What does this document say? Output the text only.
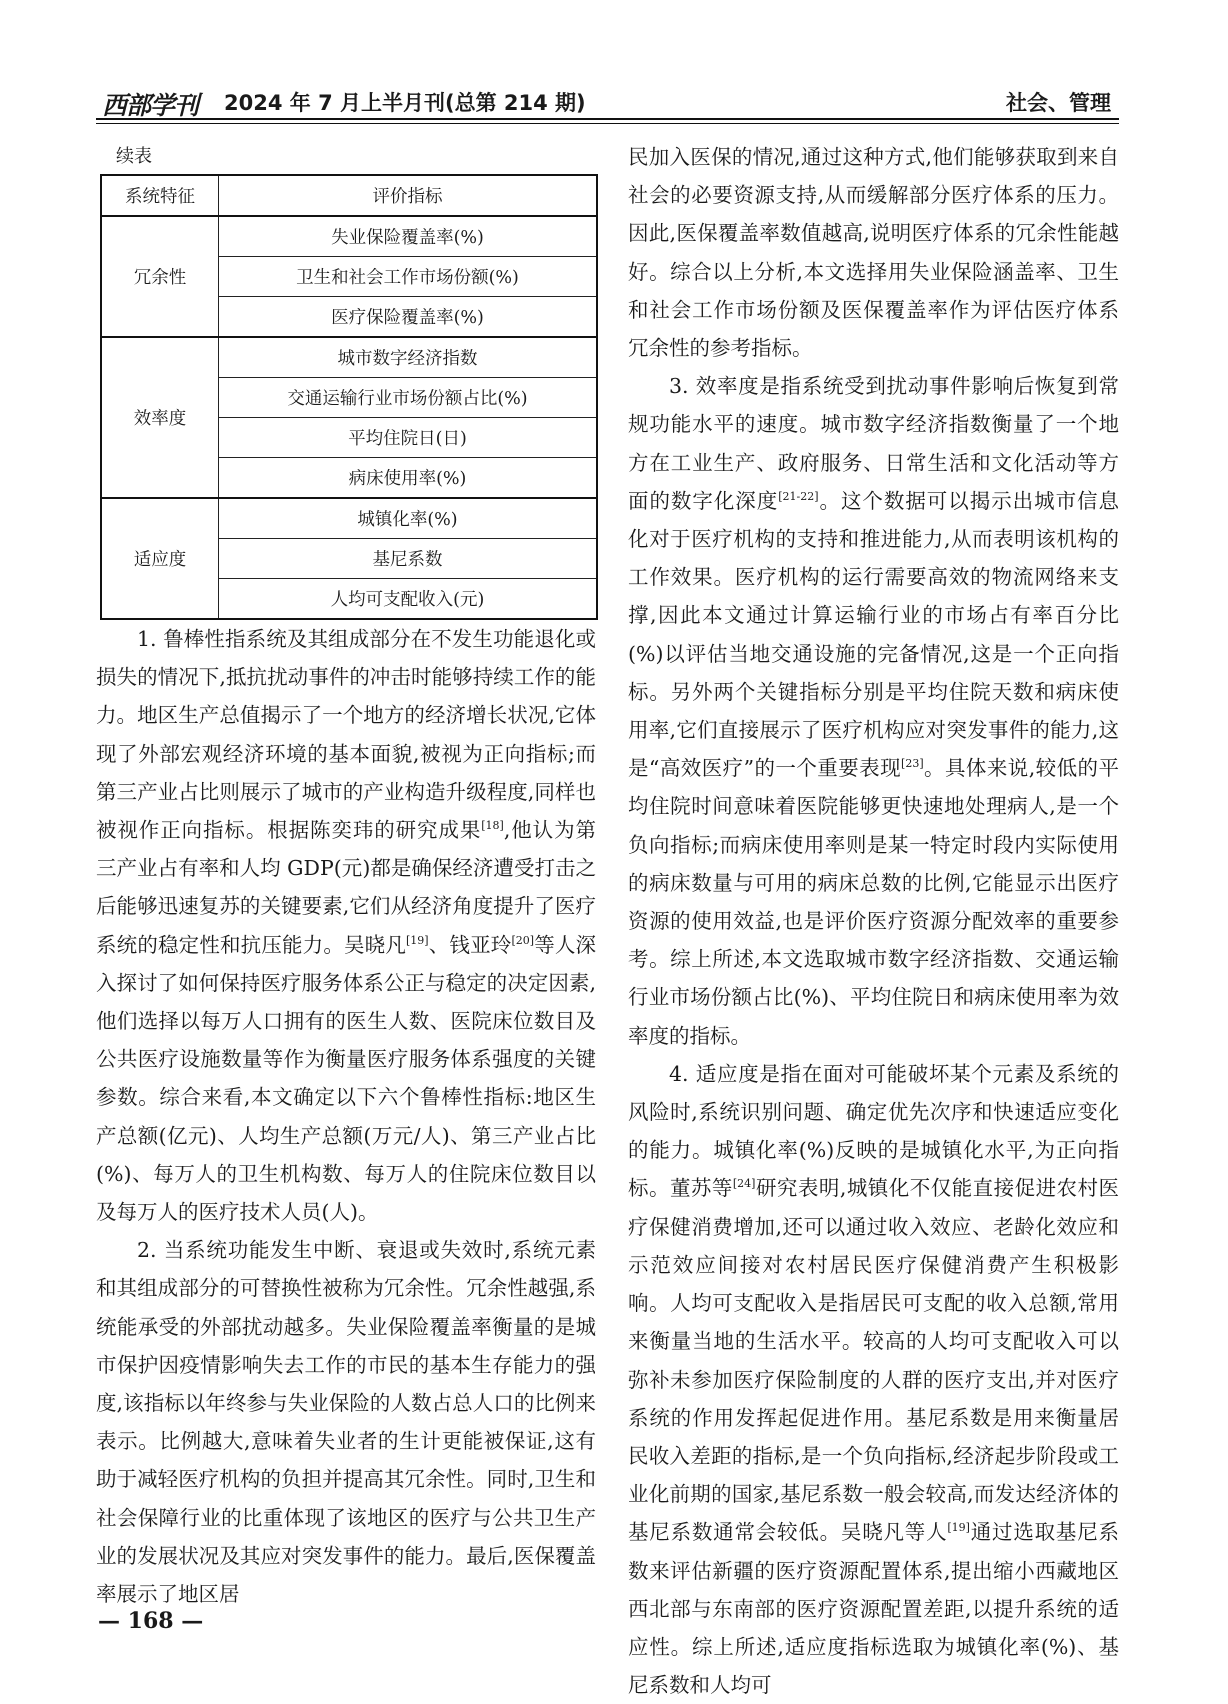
西部学刊 2024 年 7 月上半月刊(总第 214 期)	社会、管理
续表
系统特征	评价指标
冗余性	失业保险覆盖率(%)
	卫生和社会工作市场份额(%)
	医疗保险覆盖率(%)
效率度	城市数字经济指数
	交通运输行业市场份额占比(%)
	平均住院日(日)
	病床使用率(%)
适应度	城镇化率(%)
	基尼系数
	人均可支配收入(元)

1. 鲁棒性指系统及其组成部分在不发生功能退化或损失的情况下,抵抗扰动事件的冲击时能够持续工作的能力。地区生产总值揭示了一个地方的经济增长状况,它体现了外部宏观经济环境的基本面貌,被视为正向指标;而第三产业占比则展示了城市的产业构造升级程度,同样也被视作正向指标。根据陈奕玮的研究成果[18],他认为第三产业占有率和人均 GDP(元)都是确保经济遭受打击之后能够迅速复苏的关键要素,它们从经济角度提升了医疗系统的稳定性和抗压能力。吴晓凡[19]、钱亚玲[20]等人深入探讨了如何保持医疗服务体系公正与稳定的决定因素,他们选择以每万人口拥有的医生人数、医院床位数目及公共医疗设施数量等作为衡量医疗服务体系强度的关键参数。综合来看,本文确定以下六个鲁棒性指标:地区生产总额(亿元)、人均生产总额(万元/人)、第三产业占比(%)、每万人的卫生机构数、每万人的住院床位数目以及每万人的医疗技术人员(人)。

2. 当系统功能发生中断、衰退或失效时,系统元素和其组成部分的可替换性被称为冗余性。冗余性越强,系统能承受的外部扰动越多。失业保险覆盖率衡量的是城市保护因疫情影响失去工作的市民的基本生存能力的强度,该指标以年终参与失业保险的人数占总人口的比例来表示。比例越大,意味着失业者的生计更能被保证,这有助于减轻医疗机构的负担并提高其冗余性。同时,卫生和社会保障行业的比重体现了该地区的医疗与公共卫生产业的发展状况及其应对突发事件的能力。最后,医保覆盖率展示了地区居

民加入医保的情况,通过这种方式,他们能够获取到来自社会的必要资源支持,从而缓解部分医疗体系的压力。因此,医保覆盖率数值越高,说明医疗体系的冗余性能越好。综合以上分析,本文选择用失业保险涵盖率、卫生和社会工作市场份额及医保覆盖率作为评估医疗体系冗余性的参考指标。

3. 效率度是指系统受到扰动事件影响后恢复到常规功能水平的速度。城市数字经济指数衡量了一个地方在工业生产、政府服务、日常生活和文化活动等方面的数字化深度[21-22]。这个数据可以揭示出城市信息化对于医疗机构的支持和推进能力,从而表明该机构的工作效果。医疗机构的运行需要高效的物流网络来支撑,因此本文通过计算运输行业的市场占有率百分比(%)以评估当地交通设施的完备情况,这是一个正向指标。另外两个关键指标分别是平均住院天数和病床使用率,它们直接展示了医疗机构应对突发事件的能力,这是“高效医疗”的一个重要表现[23]。具体来说,较低的平均住院时间意味着医院能够更快速地处理病人,是一个负向指标;而病床使用率则是某一特定时段内实际使用的病床数量与可用的病床总数的比例,它能显示出医疗资源的使用效益,也是评价医疗资源分配效率的重要参考。综上所述,本文选取城市数字经济指数、交通运输行业市场份额占比(%)、平均住院日和病床使用率为效率度的指标。

4. 适应度是指在面对可能破坏某个元素及系统的风险时,系统识别问题、确定优先次序和快速适应变化的能力。城镇化率(%)反映的是城镇化水平,为正向指标。董苏等[24]研究表明,城镇化不仅能直接促进农村医疗保健消费增加,还可以通过收入效应、老龄化效应和示范效应间接对农村居民医疗保健消费产生积极影响。人均可支配收入是指居民可支配的收入总额,常用来衡量当地的生活水平。较高的人均可支配收入可以弥补未参加医疗保险制度的人群的医疗支出,并对医疗系统的作用发挥起促进作用。基尼系数是用来衡量居民收入差距的指标,是一个负向指标,经济起步阶段或工业化前期的国家,基尼系数一般会较高,而发达经济体的基尼系数通常会较低。吴晓凡等人[19]通过选取基尼系数来评估新疆的医疗资源配置体系,提出缩小西藏地区西北部与东南部的医疗资源配置差距,以提升系统的适应性。综上所述,适应度指标选取为城镇化率(%)、基尼系数和人均可

— 168 —
